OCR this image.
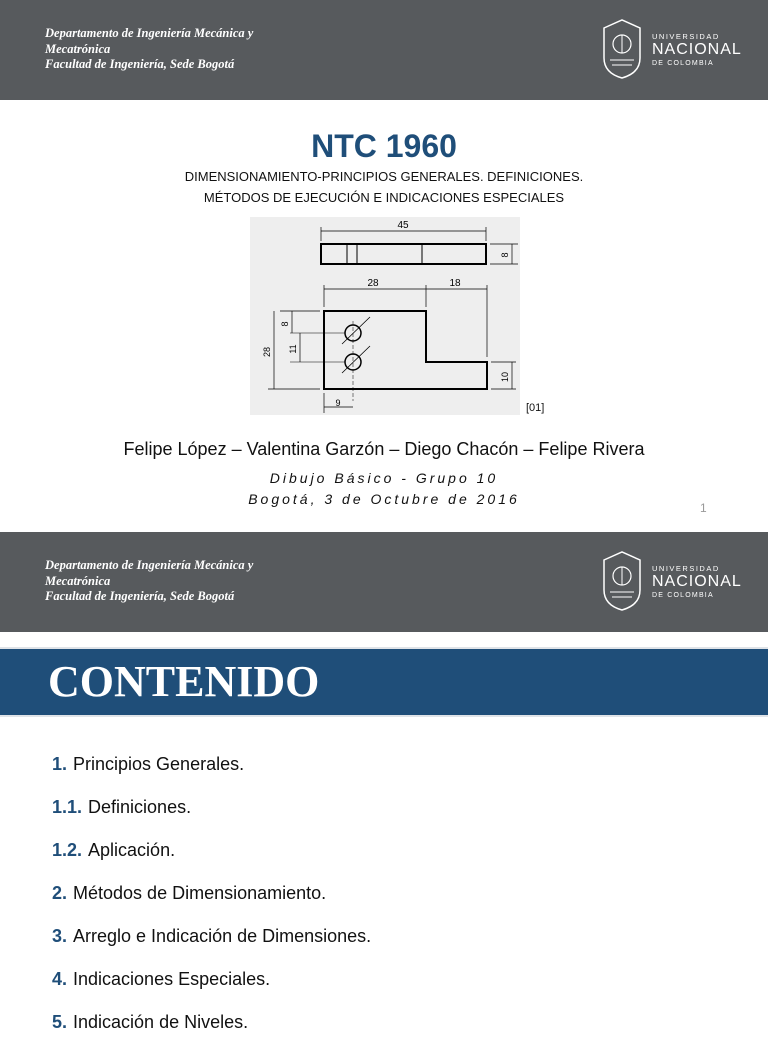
Departamento de Ingeniería Mecánica y
Mecatrónica
Facultad de Ingeniería, Sede Bogotá
UNIVERSIDAD
NACIONAL
DE COLOMBIA
NTC 1960
DIMENSIONAMIENTO-PRINCIPIOS GENERALES. DEFINICIONES.
MÉTODOS DE EJECUCIÓN E INDICACIONES ESPECIALES
45
8
28	18
28 11
8
10
9	[01]
Felipe López – Valentina Garzón – Diego Chacón – Felipe Rivera
Dibujo Básico - Grupo 10
Bogotá, 3 de Octubre de 2016
1
Departamento de Ingeniería Mecánica y
Mecatrónica
Facultad de Ingeniería, Sede Bogotá
UNIVERSIDAD
NACIONAL
DE COLOMBIA
CONTENIDO
1. Principios Generales.
1.1. Definiciones.
1.2. Aplicación.
2. Métodos de Dimensionamiento.
3. Arreglo e Indicación de Dimensiones.
4. Indicaciones Especiales.
5. Indicación de Niveles.
